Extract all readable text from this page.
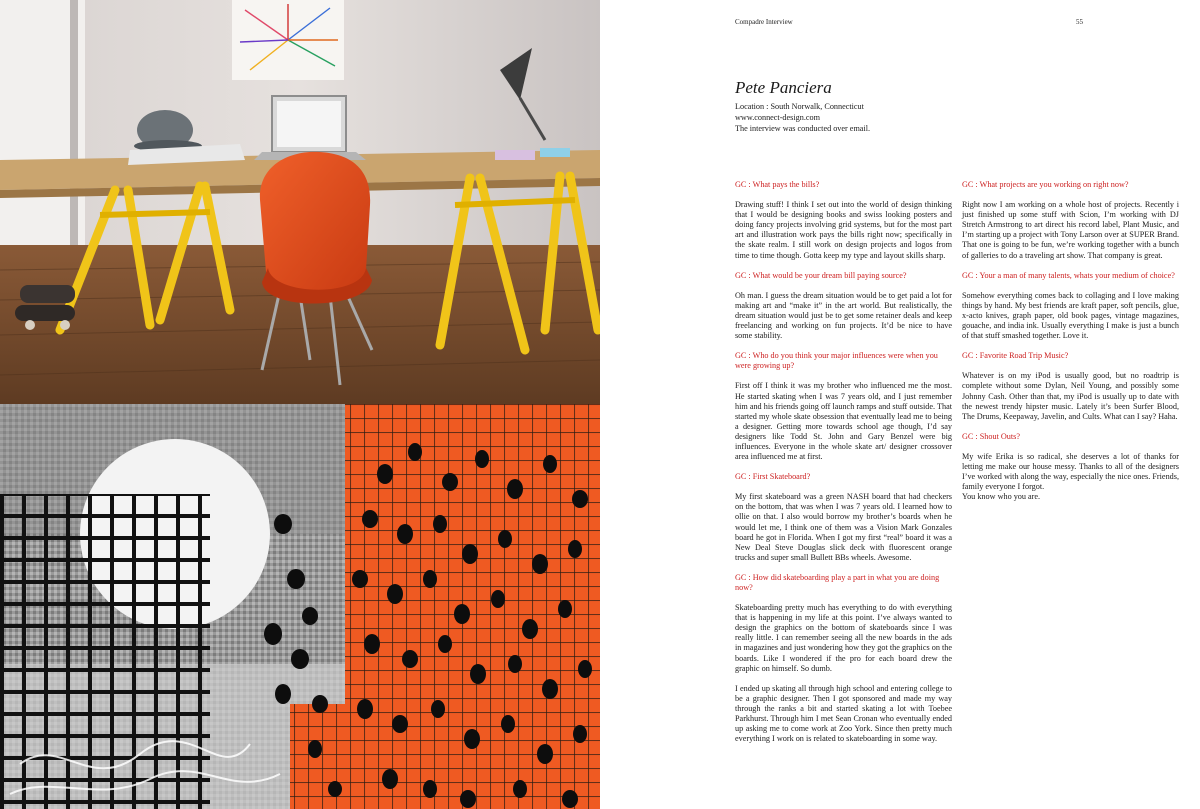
Compadre Interview	55
Pete Panciera
Location : South Norwalk, Connecticut
www.connect-design.com
The interview was conducted over email.

GC : What pays the bills?

Drawing stuff! I think I set out into the world of design thinking that I would be designing books and swiss looking posters and doing fancy projects involving grid systems, but for the most part art and illustration work pays the bills right now; specifically in the skate realm. I still work on design projects and logos from time to time though. Gotta keep my type and layout skills sharp.

GC : What would be your dream bill paying source?

Oh man. I guess the dream situation would be to get paid a lot for making art and “make it” in the art world. But realistically, the dream situation would just be to get some retainer deals and keep freelancing and working on fun projects. It’d be nice to have some stability.

GC : Who do you think your major influences were when you were growing up?

First off I think it was my brother who influenced me the most. He started skating when I was 7 years old, and I just remember him and his friends going off launch ramps and stuff outside. That started my whole skate obsession that eventually lead me to being a designer. Getting more towards school age though, I’d say designers like Todd St. John and Gary Benzel were big influences. Everyone in the whole skate art/ designer crossover area influenced me at first.

GC : First Skateboard?

My first skateboard was a green NASH board that had checkers on the bottom, that was when I was 7 years old. I learned how to ollie on that. I also would borrow my brother’s boards when he would let me, I think one of them was a Vision Mark Gonzales board he got in Florida. When I got my first “real” board it was a New Deal Steve Douglas slick deck with fluorescent orange trucks and super small Bullett BBs wheels. Awesome.

GC : How did skateboarding play a part in what you are doing now?

Skateboarding pretty much has everything to do with everything that is happening in my life at this point. I’ve always wanted to design the graphics on the bottom of skateboards since I was really little. I can remember seeing all the new boards in the ads in magazines and just wondering how they got the graphics on the boards. Like I wondered if the pro for each board drew the graphic on himself. So dumb.

I ended up skating all through high school and entering college to be a graphic designer. Then I got sponsored and made my way through the ranks a bit and started skating a lot with Toebee Parkhurst. Through him I met Sean Cronan who eventually ended up asking me to come work at Zoo York. Since then pretty much everything I work on is related to skateboarding in some way.

GC : What projects are you working on right now?

Right now I am working on a whole host of projects. Recently i just finished up some stuff with Scion, I’m working with DJ Stretch Armstrong to art direct his record label, Plant Music, and I’m starting up a project with Tony Larson over at SUPER Brand. That one is going to be fun, we’re working together with a bunch of galleries to do a traveling art show. That company is great.

GC : Your a man of many talents, whats your medium of choice?

Somehow everything comes back to collaging and I love making things by hand. My best friends are kraft paper, soft pencils, glue, x-acto knives, graph paper, old book pages, vintage magazines, gouache, and india ink. Usually everything I make is just a bunch of that stuff smashed together. Love it.

GC : Favorite Road Trip Music?

Whatever is on my iPod is usually good, but no roadtrip is complete without some Dylan, Neil Young, and possibly some Johnny Cash. Other than that, my iPod is usually up to date with the newest trendy hipster music. Lately it’s been Surfer Blood, The Drums, Keepaway, Javelin, and Cults. What can I say? Haha.

GC : Shout Outs?

My wife Erika is so radical, she deserves a lot of thanks for letting me make our house messy. Thanks to all of the designers I’ve worked with along the way, especially the nice ones. Friends, family everyone I forgot.

You know who you are.
